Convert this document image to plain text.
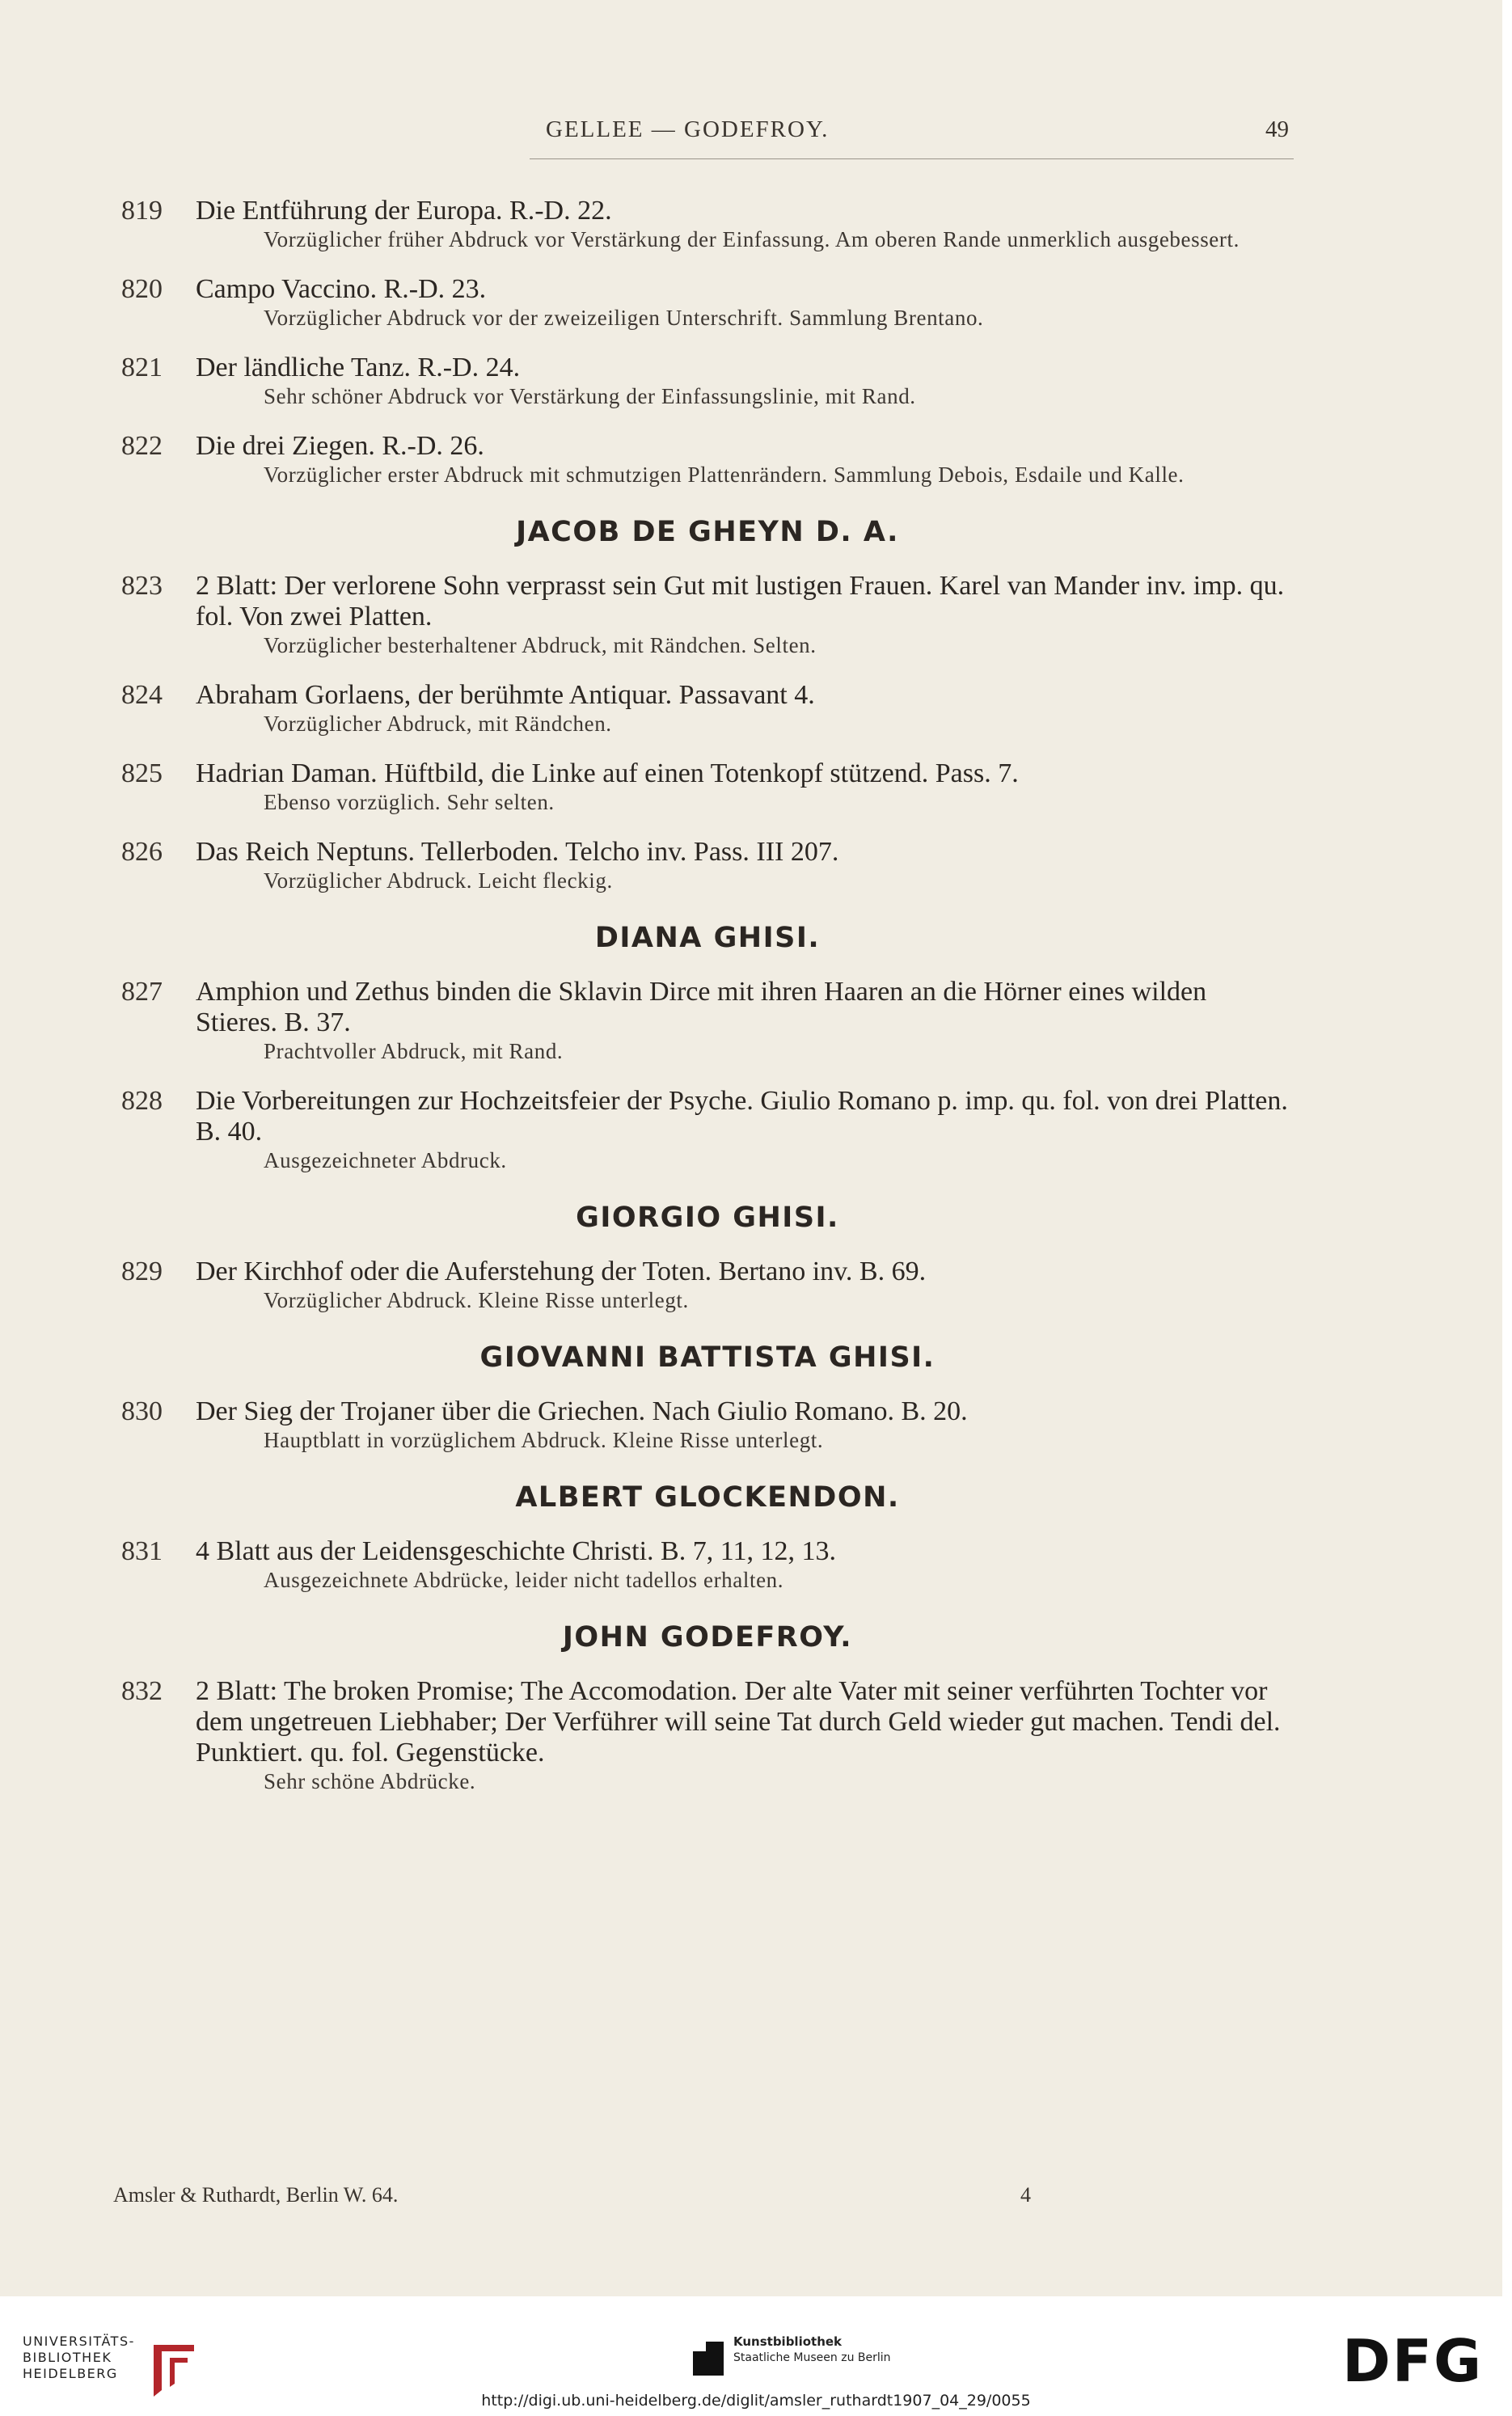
GELLEE — GODEFROY.	49
819	Die Entführung der Europa. R.-D. 22.
Vorzüglicher früher Abdruck vor Verstärkung der Einfassung. Am oberen Rande unmerklich ausgebessert.
820	Campo Vaccino. R.-D. 23.
Vorzüglicher Abdruck vor der zweizeiligen Unterschrift. Sammlung Brentano.
821	Der ländliche Tanz. R.-D. 24.
Sehr schöner Abdruck vor Verstärkung der Einfassungslinie, mit Rand.
822	Die drei Ziegen. R.-D. 26.
Vorzüglicher erster Abdruck mit schmutzigen Plattenrändern. Sammlung Debois, Esdaile und Kalle.
JACOB DE GHEYN D. A.
823	2 Blatt: Der verlorene Sohn verprasst sein Gut mit lustigen Frauen. Karel van Mander inv. imp. qu. fol. Von zwei Platten.
Vorzüglicher besterhaltener Abdruck, mit Rändchen. Selten.
824	Abraham Gorlaens, der berühmte Antiquar. Passavant 4.
Vorzüglicher Abdruck, mit Rändchen.
825	Hadrian Daman. Hüftbild, die Linke auf einen Totenkopf stützend. Pass. 7.
Ebenso vorzüglich. Sehr selten.
826	Das Reich Neptuns. Tellerboden. Telcho inv. Pass. III 207.
Vorzüglicher Abdruck. Leicht fleckig.
DIANA GHISI.
827	Amphion und Zethus binden die Sklavin Dirce mit ihren Haaren an die Hörner eines wilden Stieres. B. 37.
Prachtvoller Abdruck, mit Rand.
828	Die Vorbereitungen zur Hochzeitsfeier der Psyche. Giulio Romano p. imp. qu. fol. von drei Platten. B. 40.
Ausgezeichneter Abdruck.
GIORGIO GHISI.
829	Der Kirchhof oder die Auferstehung der Toten. Bertano inv. B. 69.
Vorzüglicher Abdruck. Kleine Risse unterlegt.
GIOVANNI BATTISTA GHISI.
830	Der Sieg der Trojaner über die Griechen. Nach Giulio Romano. B. 20.
Hauptblatt in vorzüglichem Abdruck. Kleine Risse unterlegt.
ALBERT GLOCKENDON.
831	4 Blatt aus der Leidensgeschichte Christi. B. 7, 11, 12, 13.
Ausgezeichnete Abdrücke, leider nicht tadellos erhalten.
JOHN GODEFROY.
832	2 Blatt: The broken Promise; The Accomodation. Der alte Vater mit seiner verführten Tochter vor dem ungetreuen Liebhaber; Der Verführer will seine Tat durch Geld wieder gut machen. Tendi del. Punktiert. qu. fol. Gegenstücke.
Sehr schöne Abdrücke.
Amsler & Ruthardt, Berlin W. 64.	4
UNIVERSITÄTS-
BIBLIOTHEK
HEIDELBERG
Kunstbibliothek
Staatliche Museen zu Berlin	DFG
http://digi.ub.uni-heidelberg.de/diglit/amsler_ruthardt1907_04_29/0055
